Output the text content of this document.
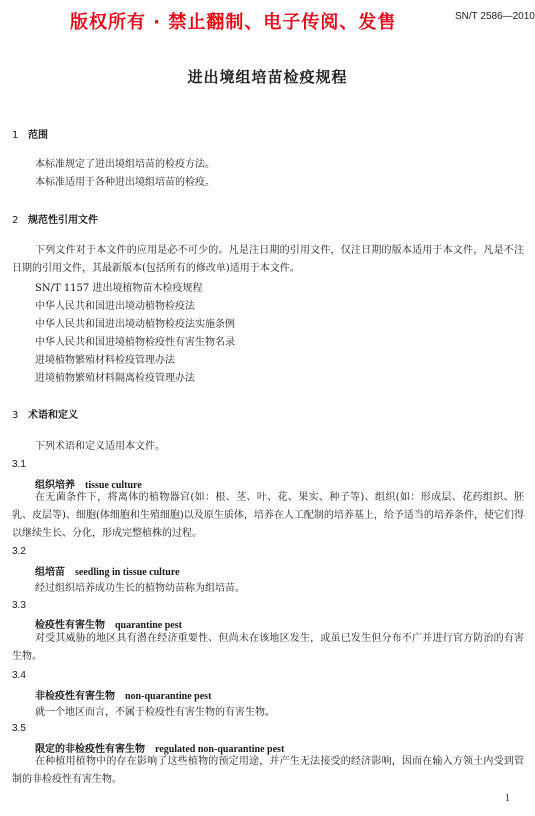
版权所有 · 禁止翻制、电子传阅、发售	SN/T 2586—2010
进出境组培苗检疫规程
1 范围
本标准规定了进出境组培苗的检疫方法。
本标准适用于各种进出境组培苗的检疫。
2 规范性引用文件
下列文件对于本文件的应用是必不可少的。凡是注日期的引用文件，仅注日期的版本适用于本文件，凡是不注日期的引用文件，其最新版本(包括所有的修改单)适用于本文件。
SN/T 1157 进出境植物苗木检疫规程
中华人民共和国进出境动植物检疫法
中华人民共和国进出境动植物检疫法实施条例
中华人民共和国进境植物检疫性有害生物名录
进境植物繁殖材料检疫管理办法
进境植物繁殖材料隔离检疫管理办法
3 术语和定义
下列术语和定义适用本文件。
3.1
组织培养 tissue culture
在无菌条件下，将离体的植物器官(如：根、茎、叶、花、果实、种子等)、组织(如：形成层、花药组织、胚乳、皮层等)、细胞(体细胞和生殖细胞)以及原生质体，培养在人工配制的培养基上，给予适当的培养条件，使它们得以继续生长、分化，形成完整植株的过程。
3.2
组培苗 seedling in tissue culture
经过组织培养成功生长的植物幼苗称为组培苗。
3.3
检疫性有害生物 quarantine pest
对受其威胁的地区具有潜在经济重要性、但尚未在该地区发生，或虽已发生但分布不广并进行官方防治的有害生物。
3.4
非检疫性有害生物 non-quarantine pest
就一个地区而言，不属于检疫性有害生物的有害生物。
3.5
限定的非检疫性有害生物 regulated non-quarantine pest
在种植用植物中的存在影响了这些植物的预定用途，并产生无法接受的经济影响，因而在输入方领土内受到管制的非检疫性有害生物。
1
